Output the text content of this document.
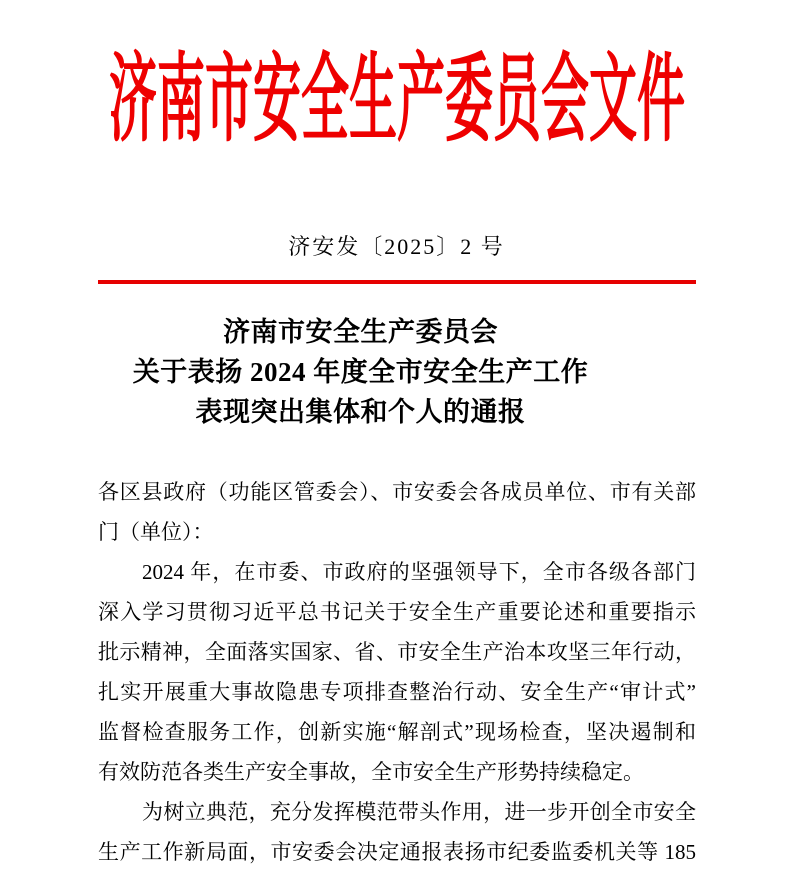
济南市安全生产委员会文件
济安发〔2025〕2 号
济南市安全生产委员会
关于表扬 2024 年度全市安全生产工作
表现突出集体和个人的通报
各区县政府（功能区管委会）、市安委会各成员单位、市有关部
门（单位）：
2024 年，在市委、市政府的坚强领导下，全市各级各部门
深入学习贯彻习近平总书记关于安全生产重要论述和重要指示
批示精神，全面落实国家、省、市安全生产治本攻坚三年行动，
扎实开展重大事故隐患专项排查整治行动、安全生产“审计式”
监督检查服务工作，创新实施“解剖式”现场检查，坚决遏制和
有效防范各类生产安全事故，全市安全生产形势持续稳定。
为树立典范，充分发挥模范带头作用，进一步开创全市安全
生产工作新局面，市安委会决定通报表扬市纪委监委机关等 185
